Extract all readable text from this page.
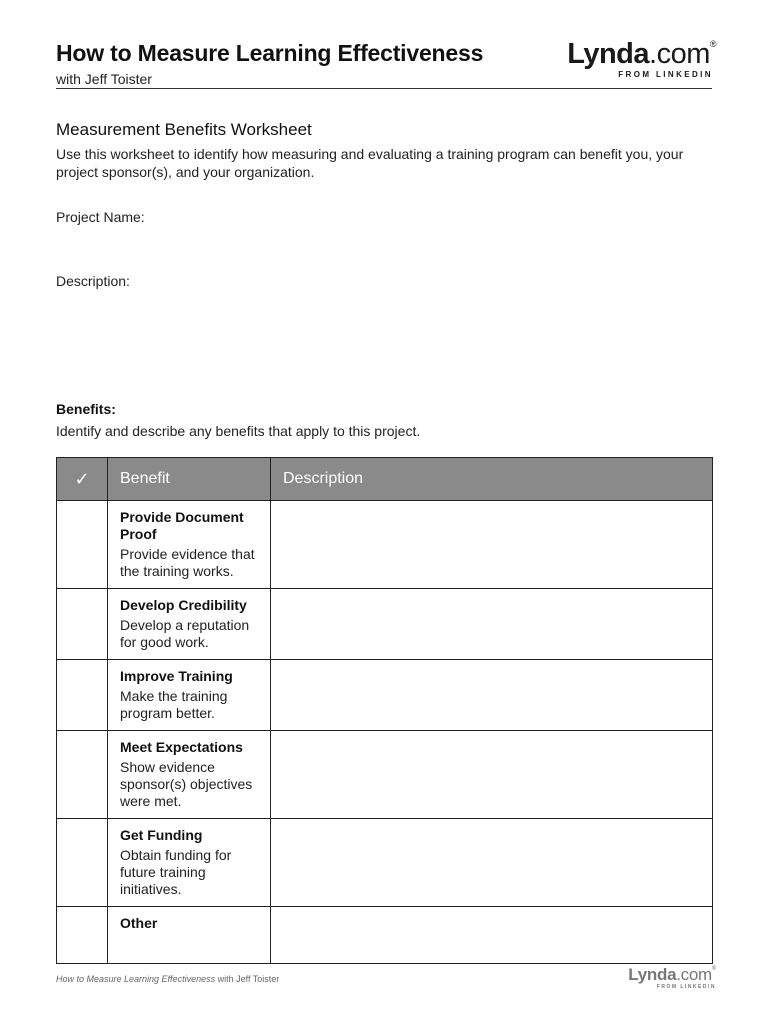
How to Measure Learning Effectiveness
with Jeff Toister
Lynda.com®
FROM LINKEDIN
Measurement Benefits Worksheet
Use this worksheet to identify how measuring and evaluating a training program can benefit you, your project sponsor(s), and your organization.
Project Name:
Description:
Benefits:
Identify and describe any benefits that apply to this project.
✓	Benefit	Description

	Provide Document Proof
Provide evidence that the training works.

	Develop Credibility
Develop a reputation for good work.

	Improve Training
Make the training program better.

	Meet Expectations
Show evidence sponsor(s) objectives were met.

	Get Funding
Obtain funding for future training initiatives.

	Other

How to Measure Learning Effectiveness with Jeff Toister	Lynda.com®
FROM LINKEDIN
